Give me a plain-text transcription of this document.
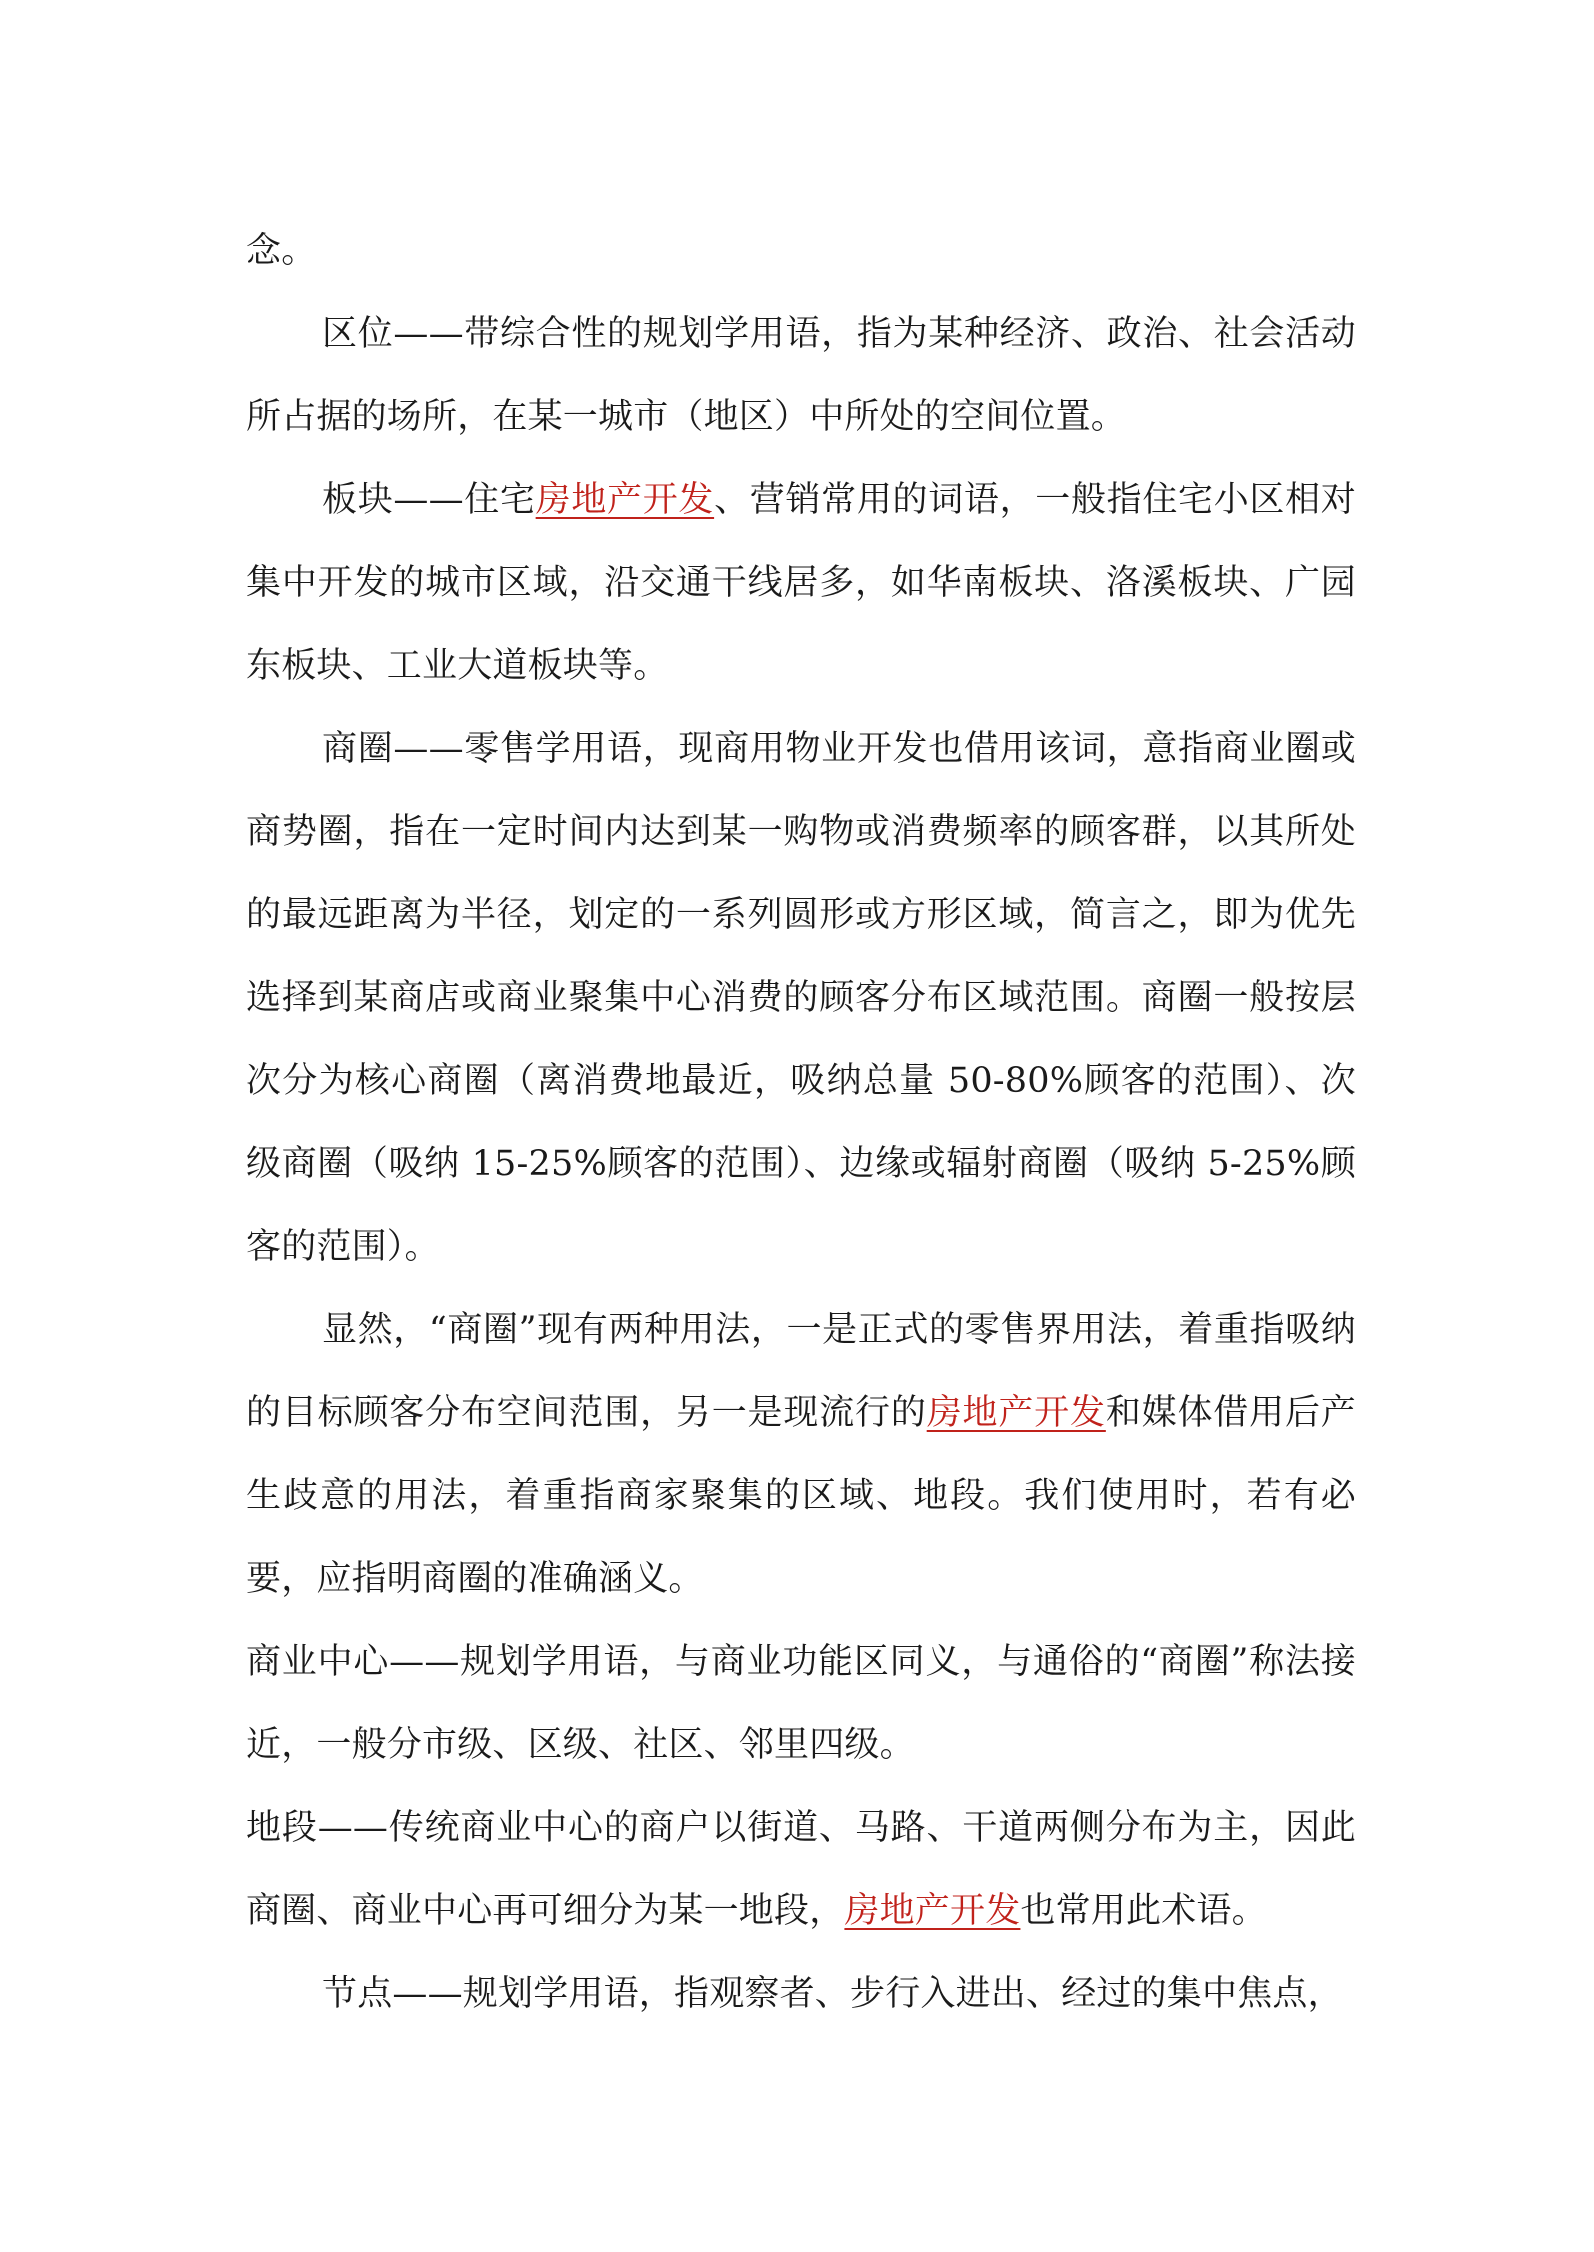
念。

区位——带综合性的规划学用语，指为某种经济、政治、社会活动所占据的场所，在某一城市（地区）中所处的空间位置。

板块——住宅房地产开发、营销常用的词语，一般指住宅小区相对集中开发的城市区域，沿交通干线居多，如华南板块、洛溪板块、广园东板块、工业大道板块等。

商圈——零售学用语，现商用物业开发也借用该词，意指商业圈或商势圈，指在一定时间内达到某一购物或消费频率的顾客群，以其所处的最远距离为半径，划定的一系列圆形或方形区域，简言之，即为优先选择到某商店或商业聚集中心消费的顾客分布区域范围。商圈一般按层次分为核心商圈（离消费地最近，吸纳总量 50-80%顾客的范围）、次级商圈（吸纳 15-25%顾客的范围）、边缘或辐射商圈（吸纳 5-25%顾客的范围）。

显然，“商圈”现有两种用法，一是正式的零售界用法，着重指吸纳的目标顾客分布空间范围，另一是现流行的房地产开发和媒体借用后产生歧意的用法，着重指商家聚集的区域、地段。我们使用时，若有必要，应指明商圈的准确涵义。

商业中心——规划学用语，与商业功能区同义，与通俗的“商圈”称法接近，一般分市级、区级、社区、邻里四级。

地段——传统商业中心的商户以街道、马路、干道两侧分布为主，因此商圈、商业中心再可细分为某一地段，房地产开发也常用此术语。

节点——规划学用语，指观察者、步行入进出、经过的集中焦点，
